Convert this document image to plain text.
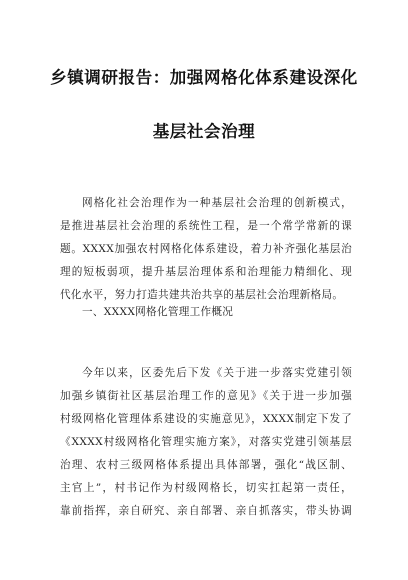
乡镇调研报告：加强网格化体系建设深化
基层社会治理
网格化社会治理作为一种基层社会治理的创新模式，
是推进基层社会治理的系统性工程，是一个常学常新的课
题。XXXX加强农村网格化体系建设，着力补齐强化基层治
理的短板弱项，提升基层治理体系和治理能力精细化、现
代化水平，努力打造共建共治共享的基层社会治理新格局。
一、XXXX网格化管理工作概况
今年以来，区委先后下发《关于进一步落实党建引领
加强乡镇街社区基层治理工作的意见》《关于进一步加强
村级网格化管理体系建设的实施意见》，XXXX制定下发了
《XXXX村级网格化管理实施方案》，对落实党建引领基层
治理、农村三级网格体系提出具体部署，强化“战区制、
主官上”，村书记作为村级网格长，切实扛起第一责任，
靠前指挥，亲自研究、亲自部署、亲自抓落实，带头协调
